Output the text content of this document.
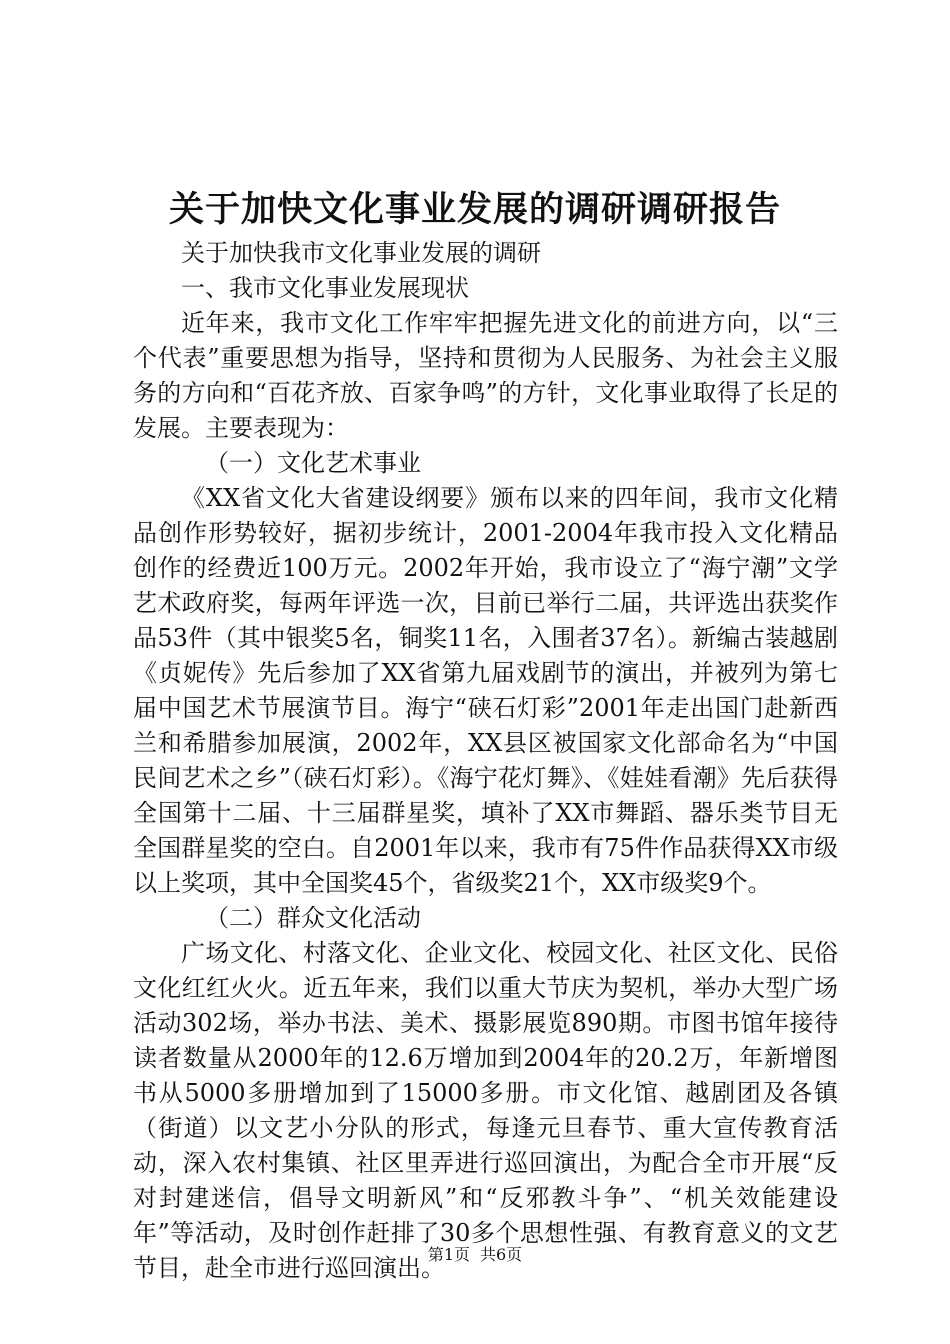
关于加快文化事业发展的调研调研报告

关于加快我市文化事业发展的调研

一、我市文化事业发展现状

近年来，我市文化工作牢牢把握先进文化的前进方向，以“三个代表”重要思想为指导，坚持和贯彻为人民服务、为社会主义服务的方向和“百花齐放、百家争鸣”的方针，文化事业取得了长足的发展。主要表现为：

（一）文化艺术事业

《XX省文化大省建设纲要》颁布以来的四年间，我市文化精品创作形势较好，据初步统计，2001-2004年我市投入文化精品创作的经费近100万元。2002年开始，我市设立了“海宁潮”文学艺术政府奖，每两年评选一次，目前已举行二届，共评选出获奖作品53件（其中银奖5名，铜奖11名，入围者37名）。新编古装越剧《贞妮传》先后参加了XX省第九届戏剧节的演出，并被列为第七届中国艺术节展演节目。海宁“硖石灯彩”2001年走出国门赴新西兰和希腊参加展演，2002年，XX县区被国家文化部命名为“中国民间艺术之乡”（硖石灯彩）。《海宁花灯舞》、《娃娃看潮》先后获得全国第十二届、十三届群星奖，填补了XX市舞蹈、器乐类节目无全国群星奖的空白。自2001年以来，我市有75件作品获得XX市级以上奖项，其中全国奖45个，省级奖21个，XX市级奖9个。

（二）群众文化活动

广场文化、村落文化、企业文化、校园文化、社区文化、民俗文化红红火火。近五年来，我们以重大节庆为契机，举办大型广场活动302场，举办书法、美术、摄影展览890期。市图书馆年接待读者数量从2000年的12.6万增加到2004年的20.2万，年新增图书从5000多册增加到了15000多册。市文化馆、越剧团及各镇（街道）以文艺小分队的形式，每逢元旦春节、重大宣传教育活动，深入农村集镇、社区里弄进行巡回演出，为配合全市开展“反对封建迷信，倡导文明新风”和“反邪教斗争”、“机关效能建设年”等活动，及时创作赶排了30多个思想性强、有教育意义的文艺节目，赴全市进行巡回演出。

第1页 共6页
